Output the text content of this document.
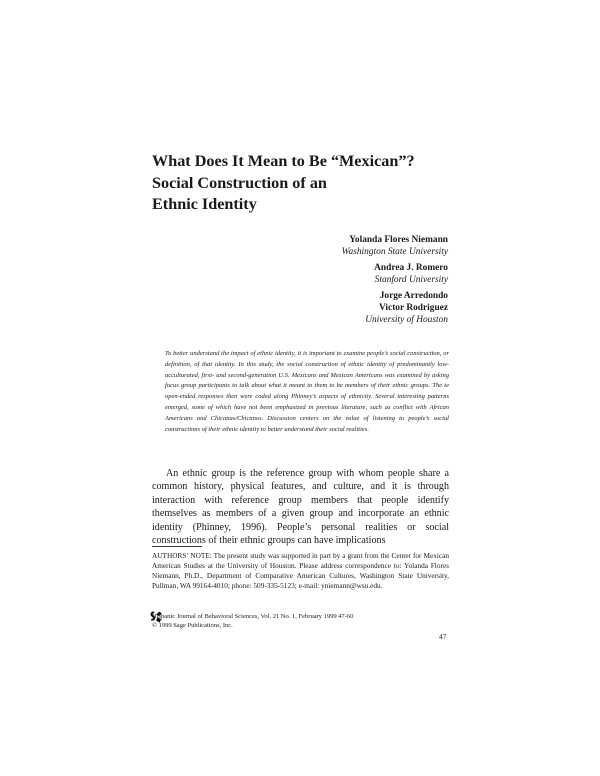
What Does It Mean to Be “Mexican”?
Social Construction of an
Ethnic Identity
Yolanda Flores Niemann
Washington State University
Andrea J. Romero
Stanford University
Jorge Arredondo
Victor Rodriguez
University of Houston
To better understand the impact of ethnic identity, it is important to examine people’s social construction, or definition, of that identity. In this study, the social construction of ethnic identity of predominantly low-acculturated, first- and second-generation U.S. Mexicans and Mexican Americans was examined by asking focus group participants to talk about what it meant to them to be members of their ethnic groups. The te open-ended responses then were coded along Phinney’s aspects of ethnicity. Several interesting patterns emerged, some of which have not been emphasized in previous literature, such as conflict with African Americans and Chicanas/Chicanos. Discussion centers on the value of listening to people’s social constructions of their ethnic identity to better understand their social realities.

An ethnic group is the reference group with whom people share a common history, physical features, and culture, and it is through interaction with reference group members that people identify themselves as members of a given group and incorporate an ethnic identity (Phinney, 1996). People’s personal realities or social constructions of their ethnic groups can have implications

AUTHORS’ NOTE: The present study was supported in part by a grant from the Center for Mexican American Studies at the University of Houston. Please address correspondence to: Yolanda Flores Niemann, Ph.D., Department of Comparative American Cultures, Washington State University, Pullman, WA 99164-4010; phone: 509-335-5123; e-mail: yniemann@wsu.edu.
Hispanic Journal of Behavioral Sciences, Vol. 21 No. 1, February 1999 47-60
© 1999 Sage Publications, Inc.
47
